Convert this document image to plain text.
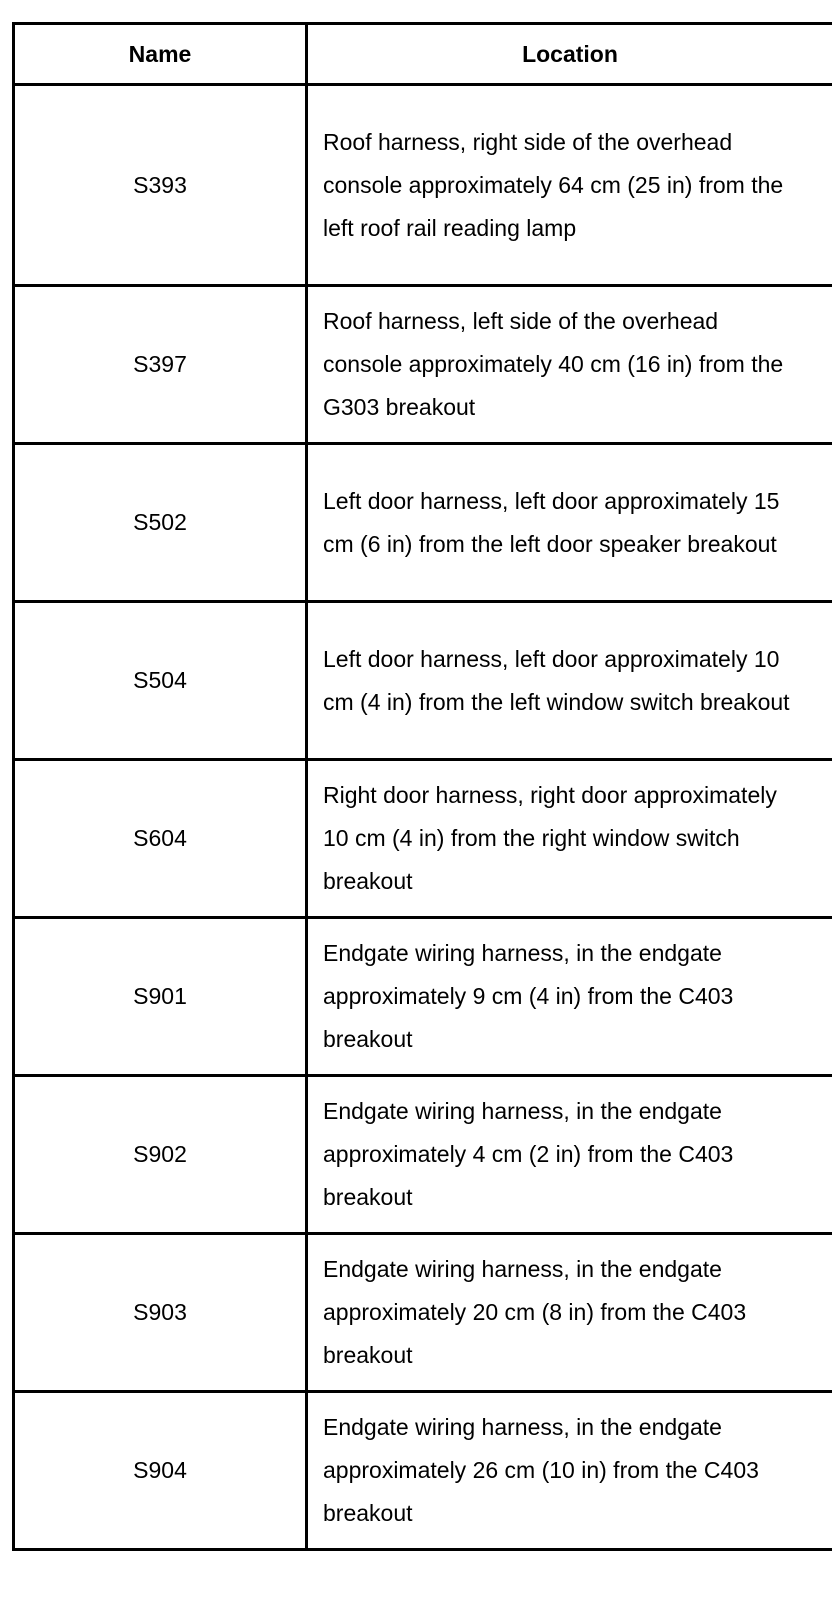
Name	Location
S393	Roof harness, right side of the overhead console approximately 64 cm (25 in) from the left roof rail reading lamp
S397	Roof harness, left side of the overhead console approximately 40 cm (16 in) from the G303 breakout
S502	Left door harness, left door approximately 15 cm (6 in) from the left door speaker breakout
S504	Left door harness, left door approximately 10 cm (4 in) from the left window switch breakout
S604	Right door harness, right door approximately 10 cm (4 in) from the right window switch breakout
S901	Endgate wiring harness, in the endgate approximately 9 cm (4 in) from the C403 breakout
S902	Endgate wiring harness, in the endgate approximately 4 cm (2 in) from the C403 breakout
S903	Endgate wiring harness, in the endgate approximately 20 cm (8 in) from the C403 breakout
S904	Endgate wiring harness, in the endgate approximately 26 cm (10 in) from the C403 breakout
